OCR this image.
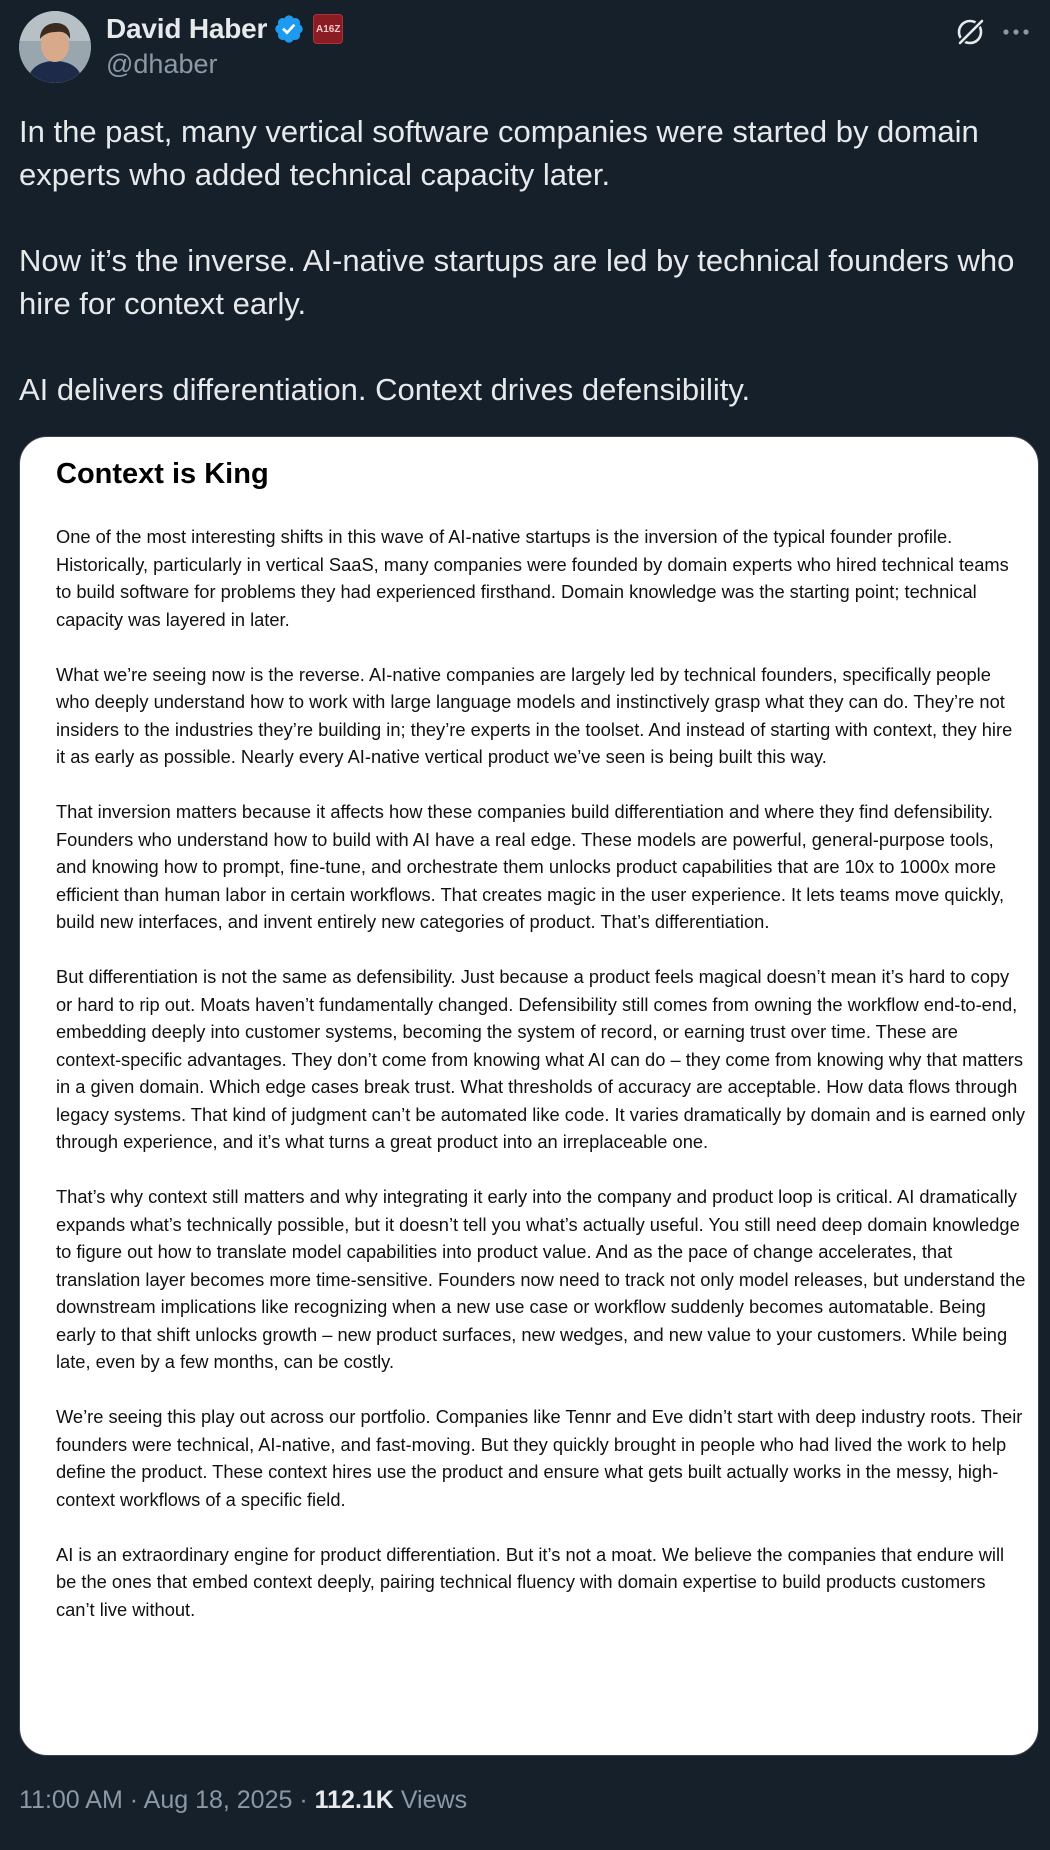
David Haber	A16Z
@dhaber

In the past, many vertical software companies were started by domain experts who added technical capacity later.

Now it’s the inverse. AI-native startups are led by technical founders who hire for context early.

AI delivers differentiation. Context drives defensibility.

Context is King

One of the most interesting shifts in this wave of AI-native startups is the inversion of the typical founder profile. Historically, particularly in vertical SaaS, many companies were founded by domain experts who hired technical teams to build software for problems they had experienced firsthand. Domain knowledge was the starting point; technical capacity was layered in later.

What we’re seeing now is the reverse. AI-native companies are largely led by technical founders, specifically people who deeply understand how to work with large language models and instinctively grasp what they can do. They’re not insiders to the industries they’re building in; they’re experts in the toolset. And instead of starting with context, they hire it as early as possible. Nearly every AI-native vertical product we’ve seen is being built this way.

That inversion matters because it affects how these companies build differentiation and where they find defensibility. Founders who understand how to build with AI have a real edge. These models are powerful, general-purpose tools, and knowing how to prompt, fine-tune, and orchestrate them unlocks product capabilities that are 10x to 1000x more efficient than human labor in certain workflows. That creates magic in the user experience. It lets teams move quickly, build new interfaces, and invent entirely new categories of product. That’s differentiation.

But differentiation is not the same as defensibility. Just because a product feels magical doesn’t mean it’s hard to copy or hard to rip out. Moats haven’t fundamentally changed. Defensibility still comes from owning the workflow end-to-end, embedding deeply into customer systems, becoming the system of record, or earning trust over time. These are context-specific advantages. They don’t come from knowing what AI can do – they come from knowing why that matters in a given domain. Which edge cases break trust. What thresholds of accuracy are acceptable. How data flows through legacy systems. That kind of judgment can’t be automated like code. It varies dramatically by domain and is earned only through experience, and it’s what turns a great product into an irreplaceable one.

That’s why context still matters and why integrating it early into the company and product loop is critical. AI dramatically expands what’s technically possible, but it doesn’t tell you what’s actually useful. You still need deep domain knowledge to figure out how to translate model capabilities into product value. And as the pace of change accelerates, that translation layer becomes more time-sensitive. Founders now need to track not only model releases, but understand the downstream implications like recognizing when a new use case or workflow suddenly becomes automatable. Being early to that shift unlocks growth – new product surfaces, new wedges, and new value to your customers. While being late, even by a few months, can be costly.

We’re seeing this play out across our portfolio. Companies like Tennr and Eve didn’t start with deep industry roots. Their founders were technical, AI-native, and fast-moving. But they quickly brought in people who had lived the work to help define the product. These context hires use the product and ensure what gets built actually works in the messy, high-context workflows of a specific field.

AI is an extraordinary engine for product differentiation. But it’s not a moat. We believe the companies that endure will be the ones that embed context deeply, pairing technical fluency with domain expertise to build products customers can’t live without.

11:00 AM · Aug 18, 2025 · 112.1K Views
